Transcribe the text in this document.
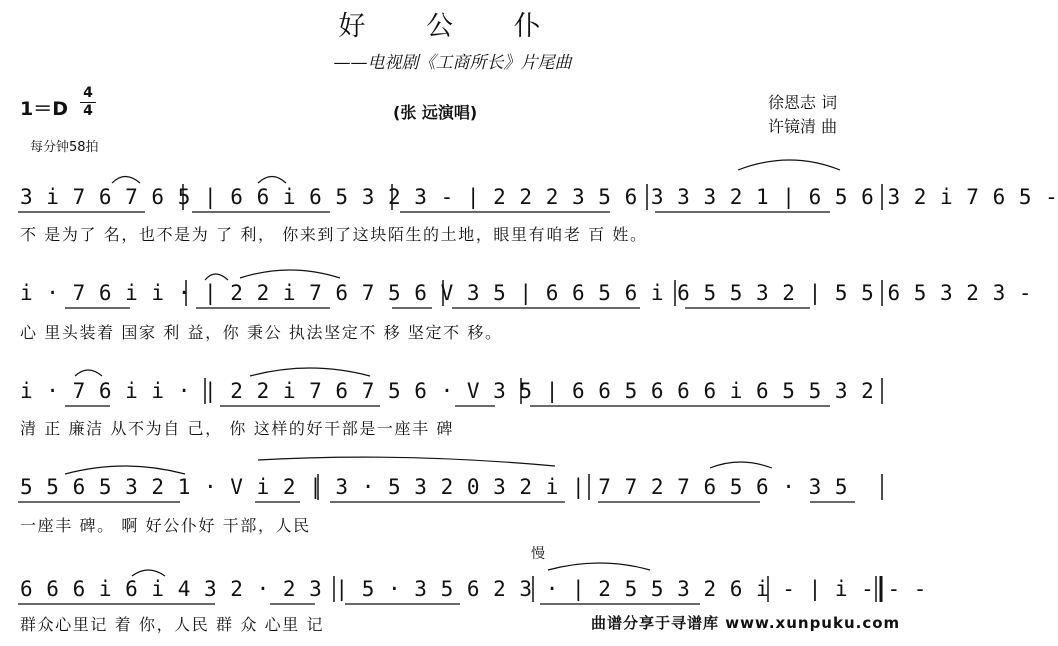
好 公 仆
——电视剧《工商所长》片尾曲
1＝D
4
4
每分钟58拍
(张 远演唱)
徐恩志 词
许镜清 曲
3 i 7 6 7 6 5 | 6 6 i 6 5 3 2 3 - | 2 2 2 3 5 6 3 3 3 2 1 | 6 5 6 3 2 i 7 6 5 -
不 是为了 名，也不是为 了 利， 你来到了这块陌生的土地，眼里有咱老 百 姓。
i · 7 6 i i · | 2 2 i 7 6 7 5 6 V 3 5 | 6 6 5 6 i 6 5 5 3 2 | 5 5 6 5 3 2 3 -
心 里头装着 国家 利 益，你 秉公 执法坚定不 移 坚定不 移。
i · 7 6 i i · | 2 2 i 7 6 7 5 6 · V 3 5 | 6 6 5 6 6 6 i 6 5 5 3 2
清 正 廉洁 从不为自 己， 你 这样的好干部是一座丰 碑
5 5 6 5 3 2 1 · V i 2 | 3 · 5 3 2 0 3 2 i | 7 7 2 7 6 5 6 · 3 5
一座丰 碑。 啊 好公仆好 干部，人民
慢
6 6 6 i 6 i 4 3 2 · 2 3 | 5 · 3 5 6 2 3 · | 2 5 5 3 2 6 i - | i - - -
群众心里记 着 你，人民 群 众 心里 记	曲谱分享于寻谱库 www.xunpuku.com
